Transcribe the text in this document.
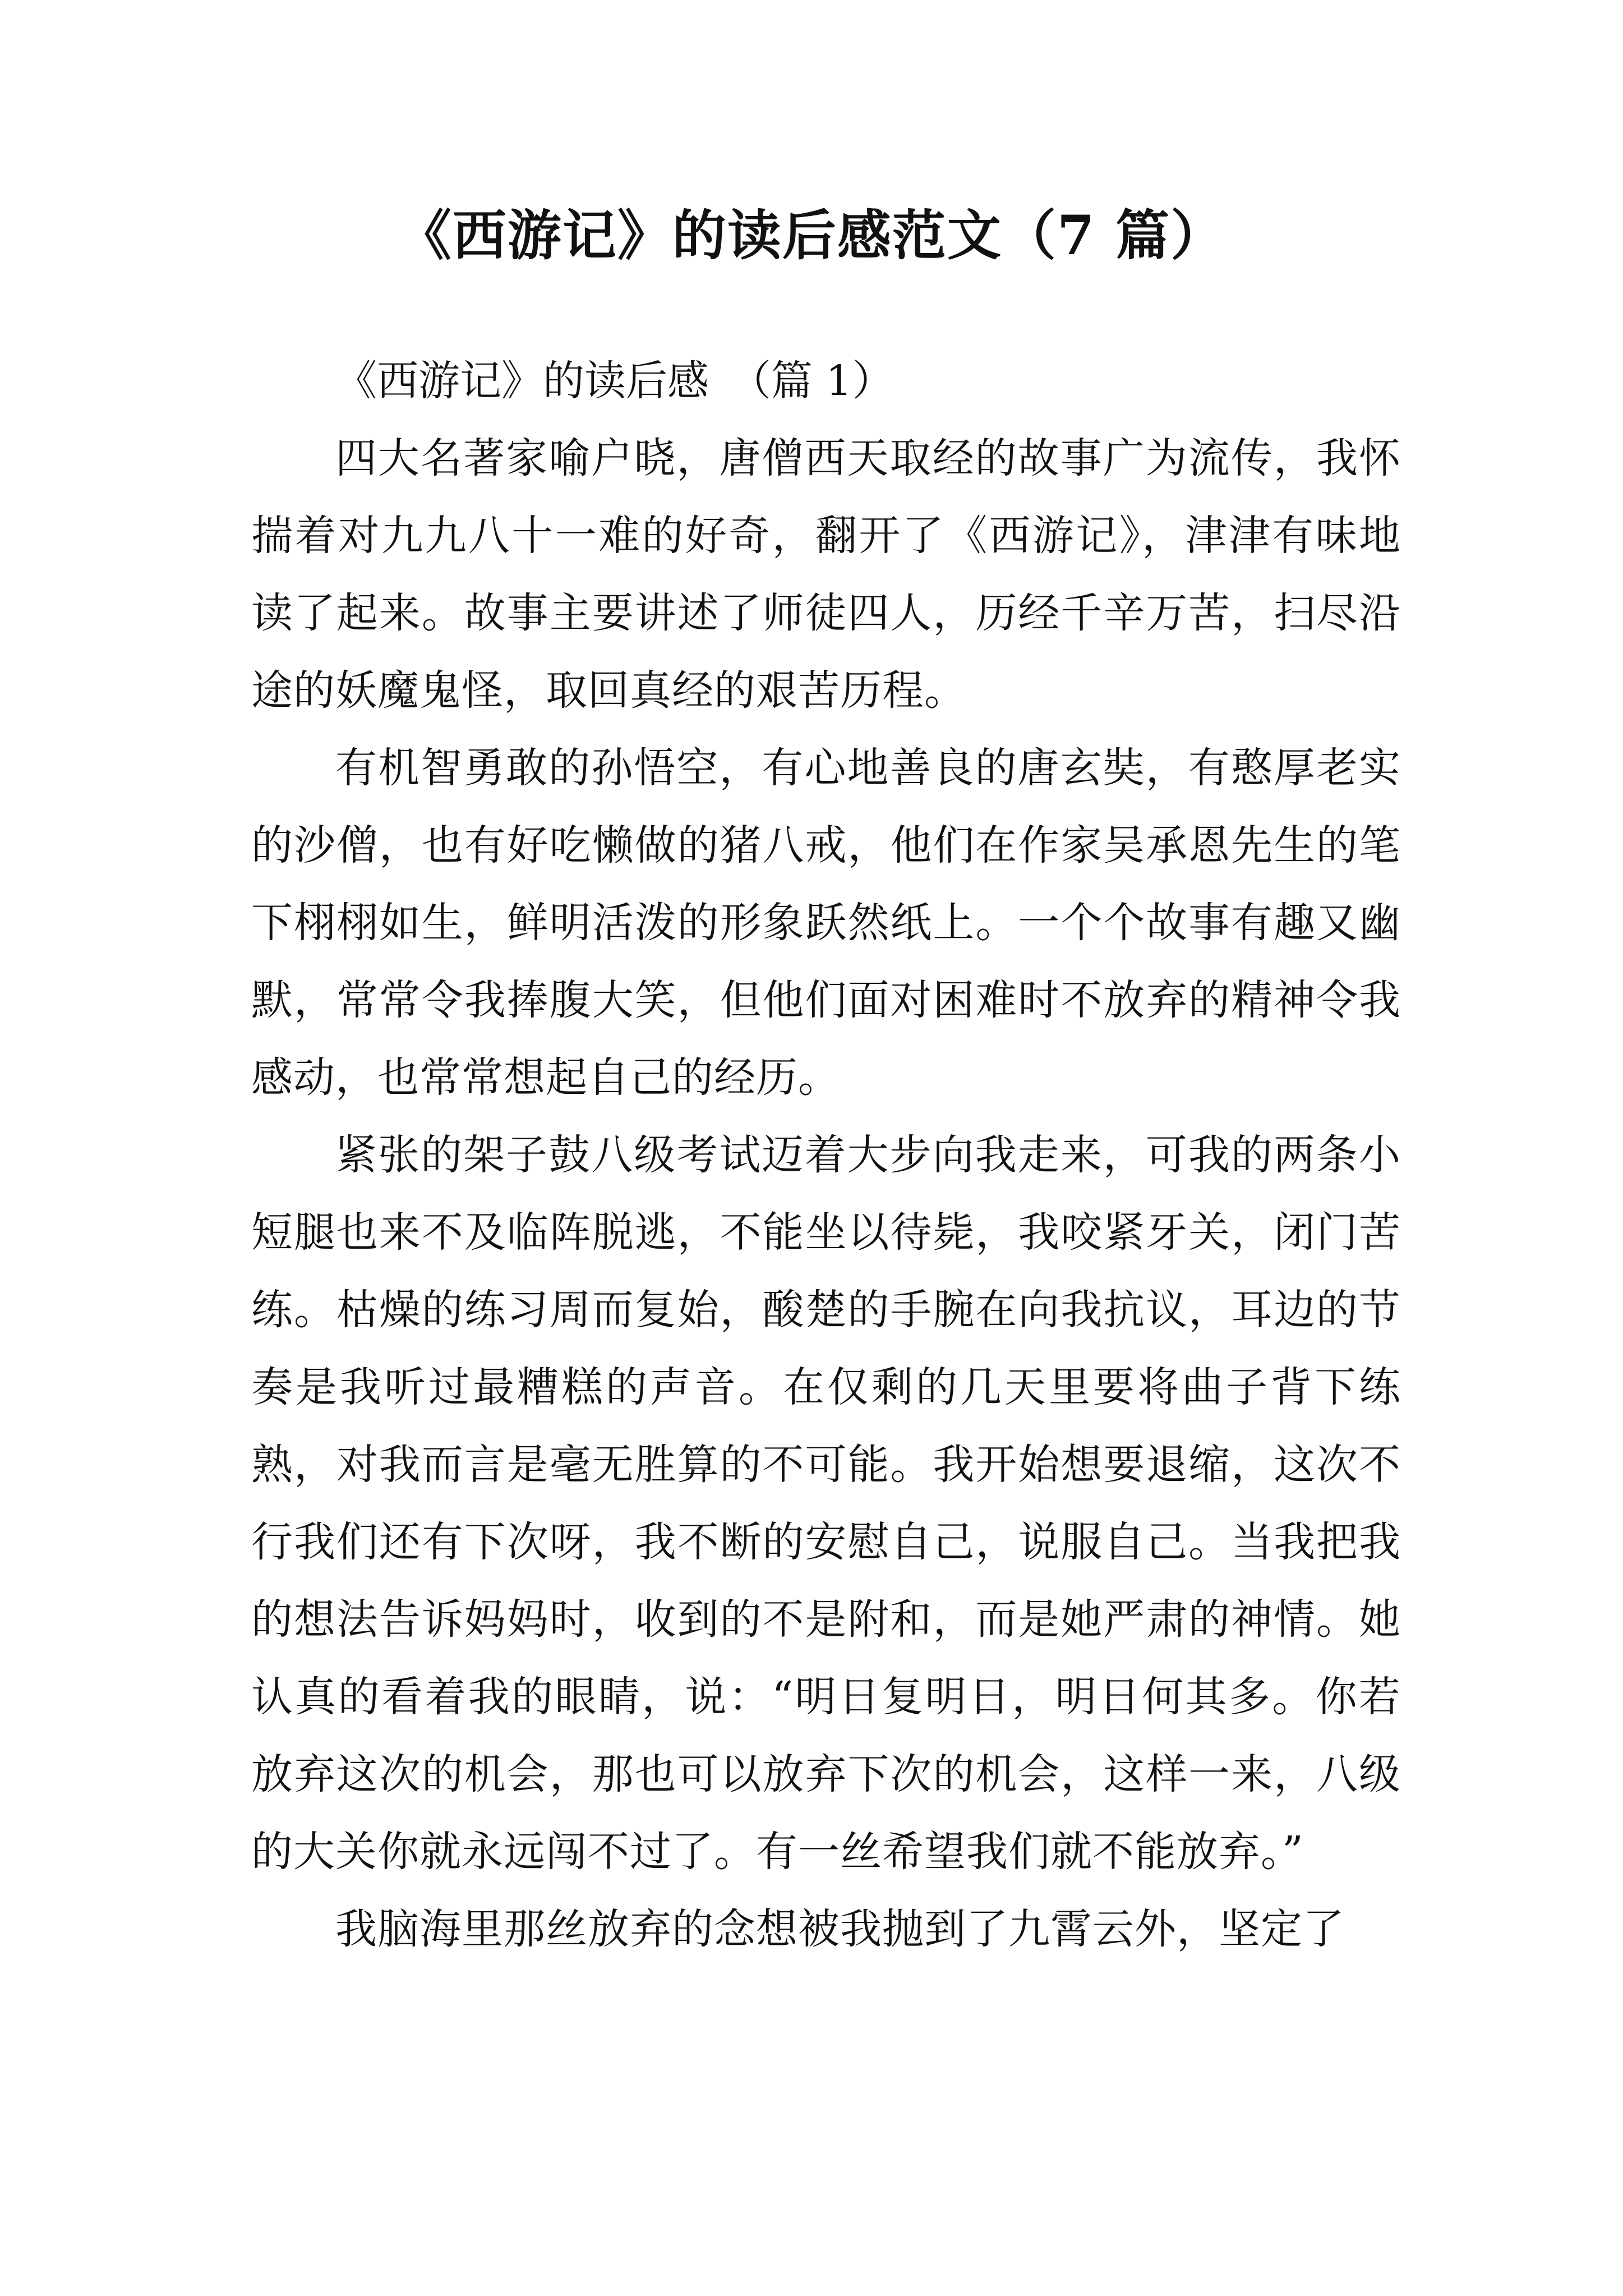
《西游记》的读后感范文（7 篇）

《西游记》的读后感　（篇 1）

四大名著家喻户晓，唐僧西天取经的故事广为流传，我怀揣着对九九八十一难的好奇，翻开了《西游记》，津津有味地读了起来。故事主要讲述了师徒四人，历经千辛万苦，扫尽沿途的妖魔鬼怪，取回真经的艰苦历程。

有机智勇敢的孙悟空，有心地善良的唐玄奘，有憨厚老实的沙僧，也有好吃懒做的猪八戒，他们在作家吴承恩先生的笔下栩栩如生，鲜明活泼的形象跃然纸上。一个个故事有趣又幽默，常常令我捧腹大笑，但他们面对困难时不放弃的精神令我感动，也常常想起自己的经历。

紧张的架子鼓八级考试迈着大步向我走来，可我的两条小短腿也来不及临阵脱逃，不能坐以待毙，我咬紧牙关，闭门苦练。枯燥的练习周而复始，酸楚的手腕在向我抗议，耳边的节奏是我听过最糟糕的声音。在仅剩的几天里要将曲子背下练熟，对我而言是毫无胜算的不可能。我开始想要退缩，这次不行我们还有下次呀，我不断的安慰自己，说服自己。当我把我的想法告诉妈妈时，收到的不是附和，而是她严肃的神情。她认真的看着我的眼睛，说：“明日复明日，明日何其多。你若放弃这次的机会，那也可以放弃下次的机会，这样一来，八级的大关你就永远闯不过了。有一丝希望我们就不能放弃。”

我脑海里那丝放弃的念想被我抛到了九霄云外，坚定了
